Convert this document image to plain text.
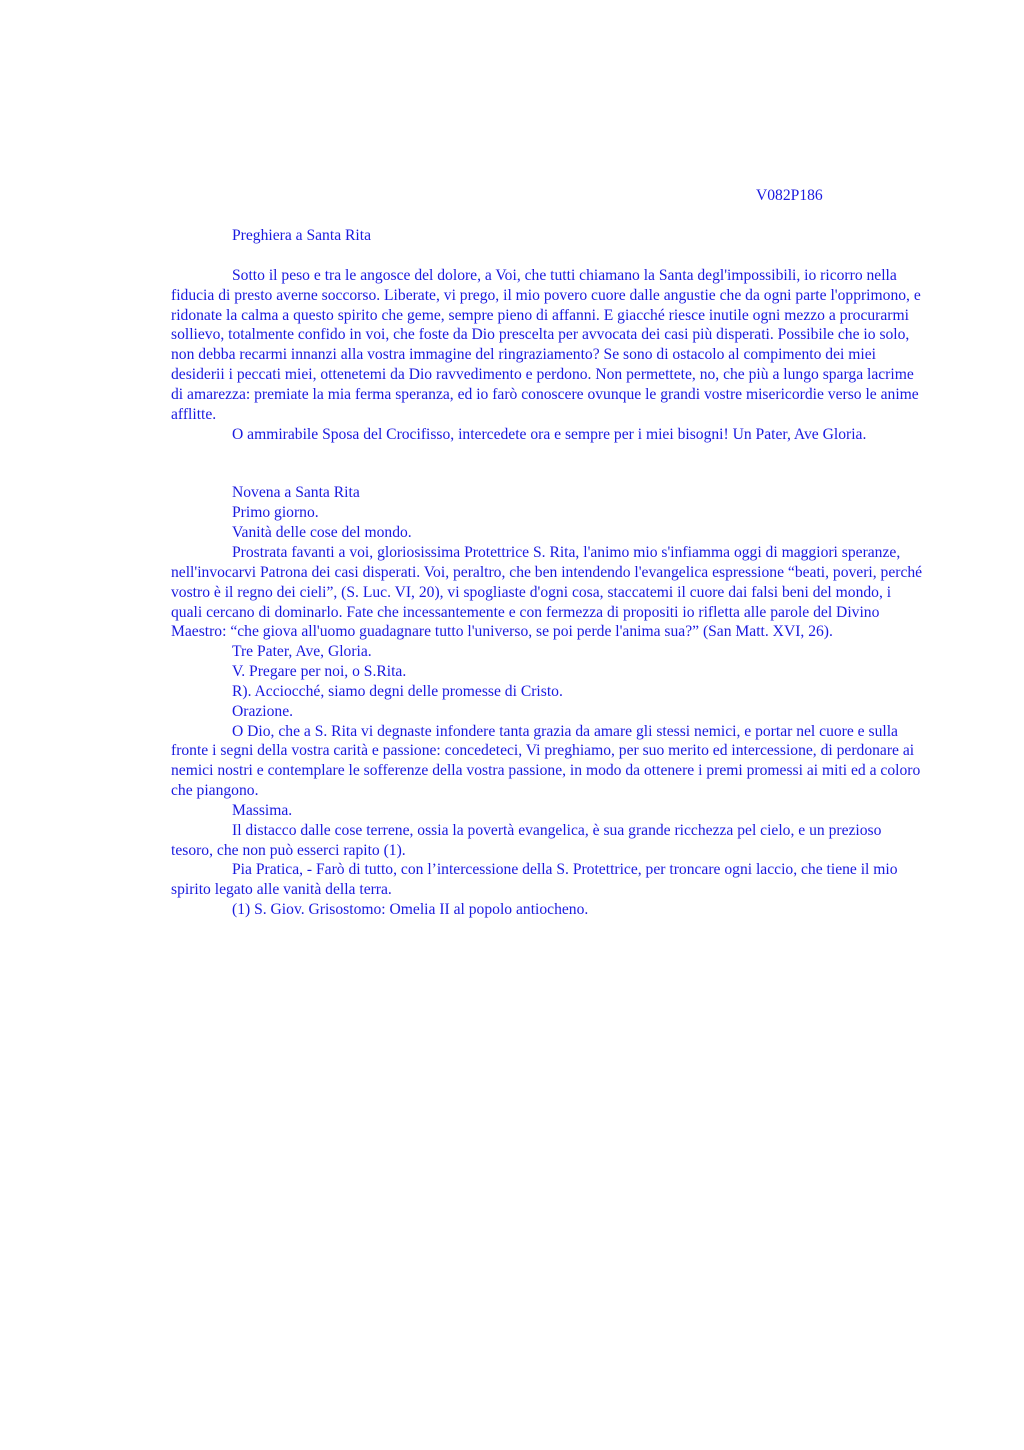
V082P186

Preghiera a Santa Rita

Sotto il peso e tra le angosce del dolore, a Voi, che tutti chiamano la Santa degl'impossibili, io ricorro nella fiducia di presto averne soccorso. Liberate, vi prego, il mio povero cuore dalle angustie che da ogni parte l'opprimono, e ridonate la calma a questo spirito che geme, sempre pieno di affanni. E giacché riesce inutile ogni mezzo a procurarmi sollievo, totalmente confido in voi, che foste da Dio prescelta per avvocata dei casi più disperati. Possibile che io solo, non debba recarmi innanzi alla vostra immagine del ringraziamento? Se sono di ostacolo al compimento dei miei desiderii i peccati miei, ottenetemi da Dio ravvedimento e perdono. Non permettete, no, che più a lungo sparga lacrime di amarezza: premiate la mia ferma speranza, ed io farò conoscere ovunque le grandi vostre misericordie verso le anime afflitte.

O ammirabile Sposa del Crocifisso, intercedete ora e sempre per i miei bisogni! Un Pater, Ave Gloria.

Novena a Santa Rita

Primo giorno.

Vanità delle cose del mondo.

Prostrata favanti a voi, gloriosissima Protettrice S. Rita, l'animo mio s'infiamma oggi di maggiori speranze, nell'invocarvi Patrona dei casi disperati. Voi, peraltro, che ben intendendo l'evangelica espressione “beati, poveri, perché vostro è il regno dei cieli”, (S. Luc. VI, 20), vi spogliaste d'ogni cosa, staccatemi il cuore dai falsi beni del mondo, i quali cercano di dominarlo. Fate che incessantemente e con fermezza di propositi io rifletta alle parole del Divino Maestro: “che giova all'uomo guadagnare tutto l'universo, se poi perde l'anima sua?” (San Matt. XVI, 26).

Tre Pater, Ave, Gloria.

V. Pregare per noi, o S.Rita.

R). Acciocché, siamo degni delle promesse di Cristo.

Orazione.

O Dio, che a S. Rita vi degnaste infondere tanta grazia da amare gli stessi nemici, e portar nel cuore e sulla fronte i segni della vostra carità e passione: concedeteci, Vi preghiamo, per suo merito ed intercessione, di perdonare ai nemici nostri e contemplare le sofferenze della vostra passione, in modo da ottenere i premi promessi ai miti ed a coloro che piangono.

Massima.

Il distacco dalle cose terrene, ossia la povertà evangelica, è sua grande ricchezza pel cielo, e un prezioso tesoro, che non può esserci rapito (1).

Pia Pratica, - Farò di tutto, con l’intercessione della S. Protettrice, per troncare ogni laccio, che tiene il mio spirito legato alle vanità della terra.

(1) S. Giov. Grisostomo: Omelia II al popolo antiocheno.
